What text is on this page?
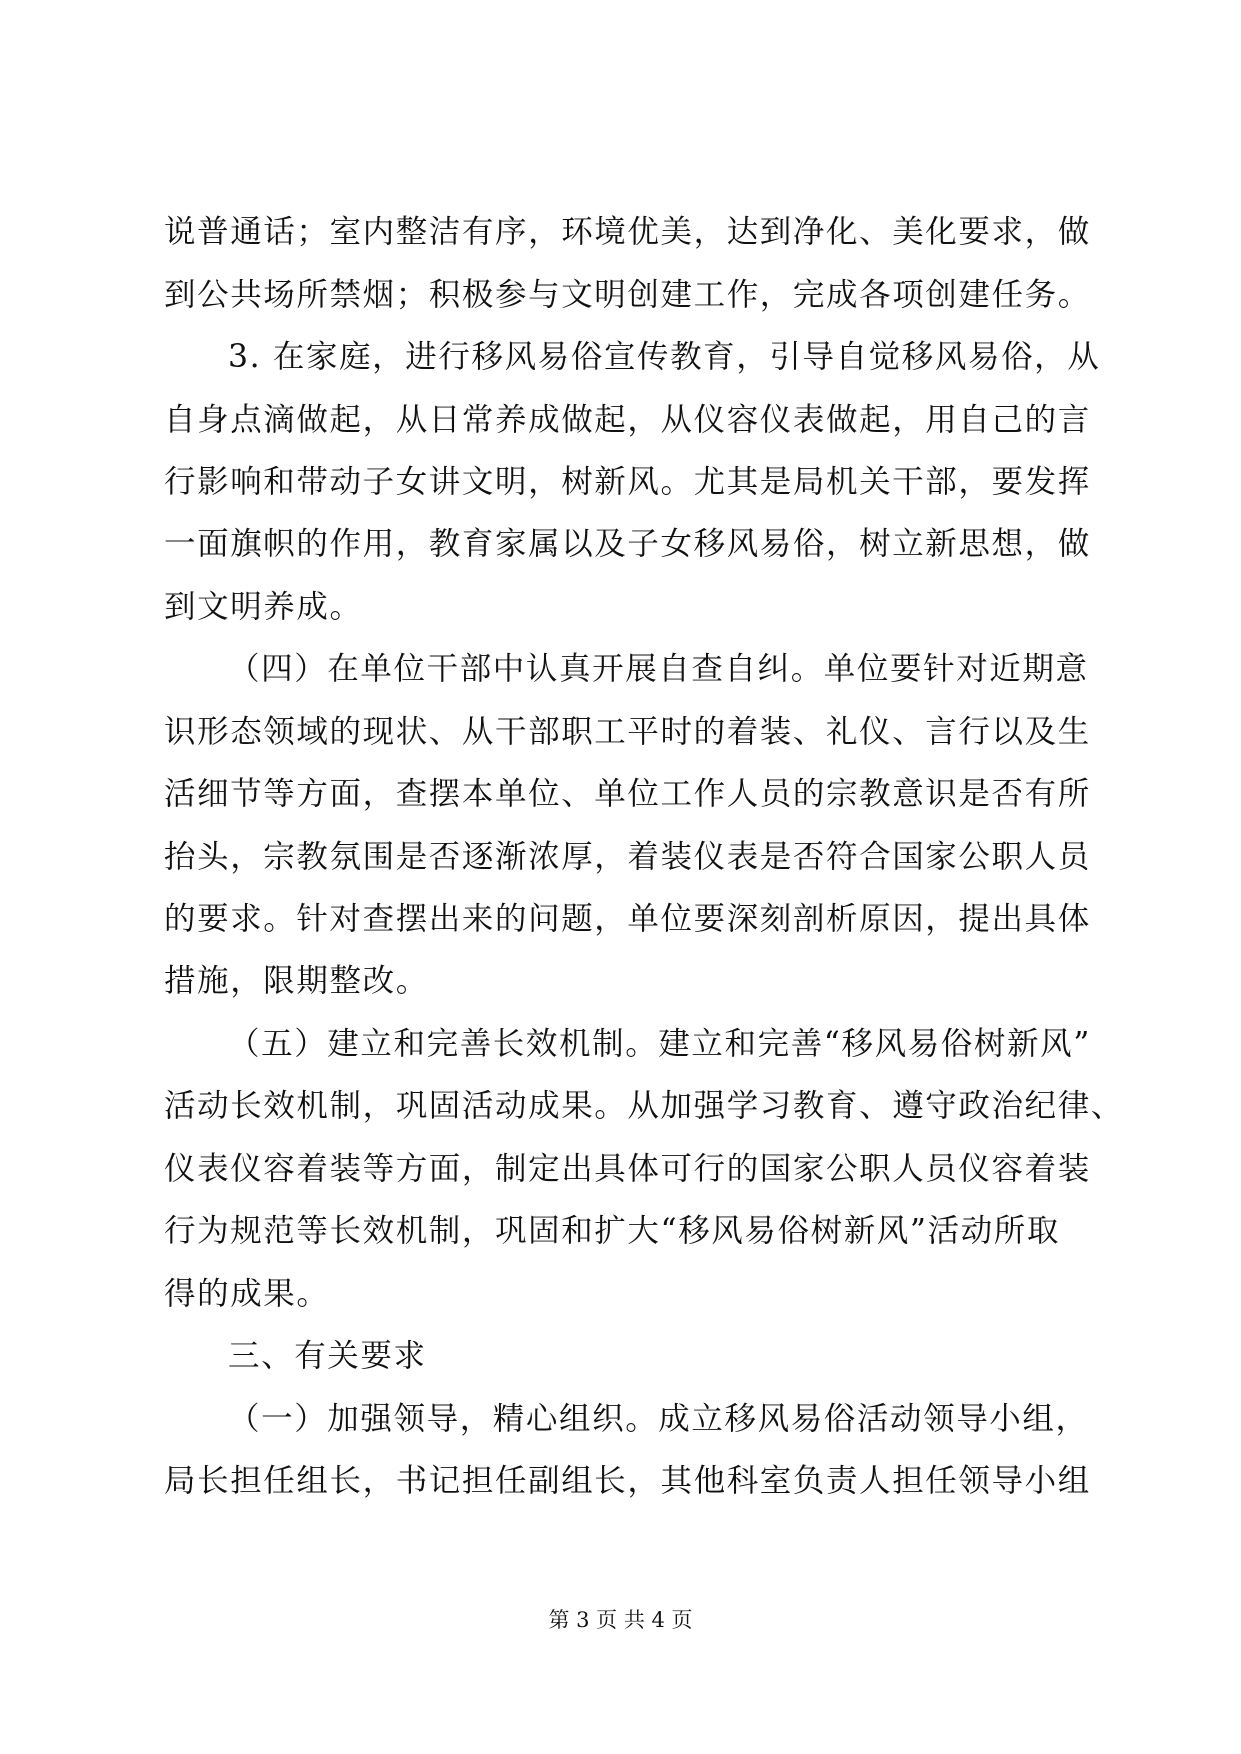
说普通话；室内整洁有序，环境优美，达到净化、美化要求，做
到公共场所禁烟；积极参与文明创建工作，完成各项创建任务。
3. 在家庭，进行移风易俗宣传教育，引导自觉移风易俗，从
自身点滴做起，从日常养成做起，从仪容仪表做起，用自己的言
行影响和带动子女讲文明，树新风。尤其是局机关干部，要发挥
一面旗帜的作用，教育家属以及子女移风易俗，树立新思想，做
到文明养成。
（四）在单位干部中认真开展自查自纠。单位要针对近期意
识形态领域的现状、从干部职工平时的着装、礼仪、言行以及生
活细节等方面，查摆本单位、单位工作人员的宗教意识是否有所
抬头，宗教氛围是否逐渐浓厚，着装仪表是否符合国家公职人员
的要求。针对查摆出来的问题，单位要深刻剖析原因，提出具体
措施，限期整改。
（五）建立和完善长效机制。建立和完善“移风易俗树新风”
活动长效机制，巩固活动成果。从加强学习教育、遵守政治纪律、
仪表仪容着装等方面，制定出具体可行的国家公职人员仪容着装
行为规范等长效机制，巩固和扩大“移风易俗树新风”活动所取
得的成果。
三、有关要求
（一）加强领导，精心组织。成立移风易俗活动领导小组，
局长担任组长，书记担任副组长，其他科室负责人担任领导小组
第 3 页 共 4 页
